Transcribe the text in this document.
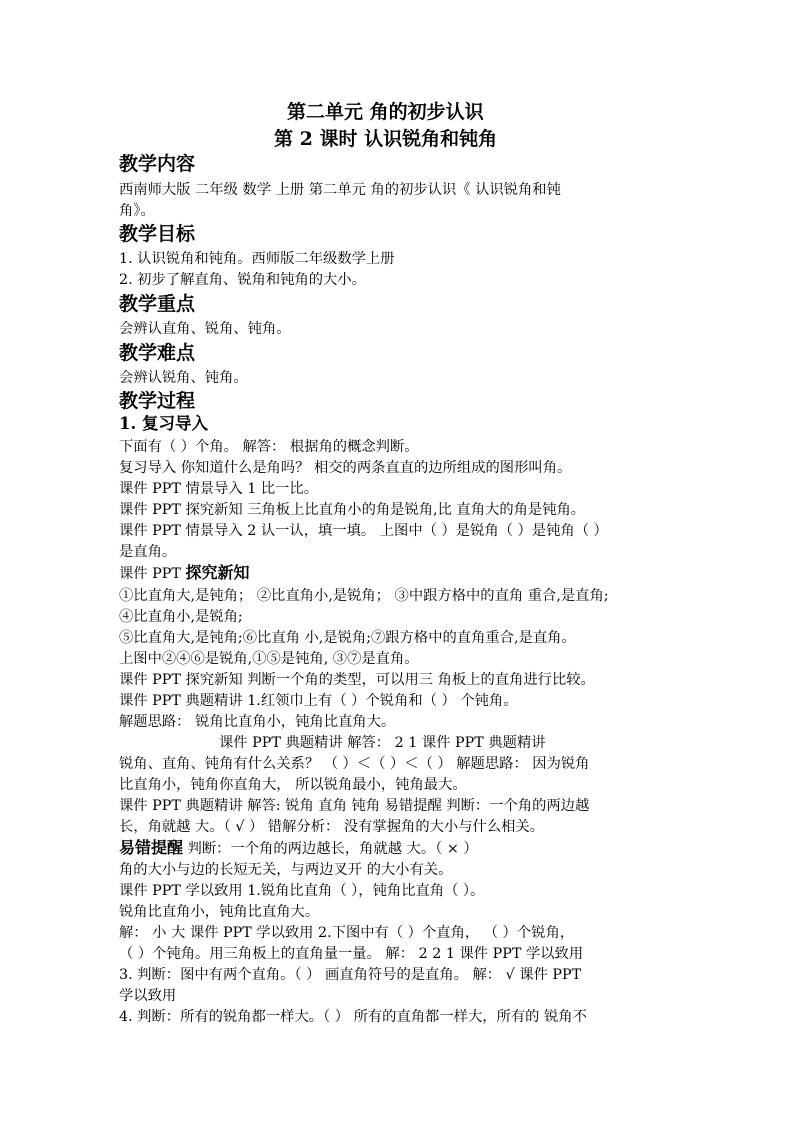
第二单元 角的初步认识
第 2 课时 认识锐角和钝角
教学内容
西南师大版 二年级 数学 上册 第二单元 角的初步认识《 认识锐角和钝
角》。
教学目标
1. 认识锐角和钝角。西师版二年级数学上册
2. 初步了解直角、锐角和钝角的大小。
教学重点
会辨认直角、锐角、钝角。
教学难点
会辨认锐角、钝角。
教学过程
1. 复习导入
下面有（ ）个角。 解答： 根据角的概念判断。
复习导入 你知道什么是角吗？ 相交的两条直直的边所组成的图形叫角。
课件 PPT 情景导入 1 比一比。
课件 PPT 探究新知 三角板上比直角小的角是锐角,比 直角大的角是钝角。
课件 PPT 情景导入 2 认一认，填一填。 上图中（ ）是锐角（ ）是钝角（ ）
是直角。
课件 PPT 探究新知
①比直角大,是钝角； ②比直角小,是锐角； ③中跟方格中的直角 重合,是直角;
④比直角小,是锐角;
⑤比直角大,是钝角;⑥比直角 小,是锐角;⑦跟方格中的直角重合,是直角。
上图中②④⑥是锐角,①⑤是钝角, ③⑦是直角。
课件 PPT 探究新知 判断一个角的类型，可以用三 角板上的直角进行比较。
课件 PPT 典题精讲 1.红领巾上有（ ）个锐角和（ ） 个钝角。
解题思路： 锐角比直角小，钝角比直角大。
课件 PPT 典题精讲 解答： 2 1 课件 PPT 典题精讲
锐角、直角、钝角有什么关系？ （ ）＜（ ）＜（ ） 解题思路： 因为锐角
比直角小，钝角你直角大， 所以锐角最小，钝角最大。
课件 PPT 典题精讲 解答: 锐角 直角 钝角 易错提醒 判断：一个角的两边越
长，角就越 大。（ √ ） 错解分析： 没有掌握角的大小与什么相关。
易错提醒 判断：一个角的两边越长，角就越 大。（ × ）
角的大小与边的长短无关，与两边叉开 的大小有关。
课件 PPT 学以致用 1.锐角比直角（ ），钝角比直角（ ）。
锐角比直角小，钝角比直角大。
解： 小 大 课件 PPT 学以致用 2.下图中有（ ）个直角， （ ）个锐角，
（ ）个钝角。用三角板上的直角量一量。 解： 2 2 1 课件 PPT 学以致用
3. 判断：图中有两个直角。（ ） 画直角符号的是直角。 解： √ 课件 PPT
学以致用
4. 判断：所有的锐角都一样大。（ ） 所有的直角都一样大，所有的 锐角不
